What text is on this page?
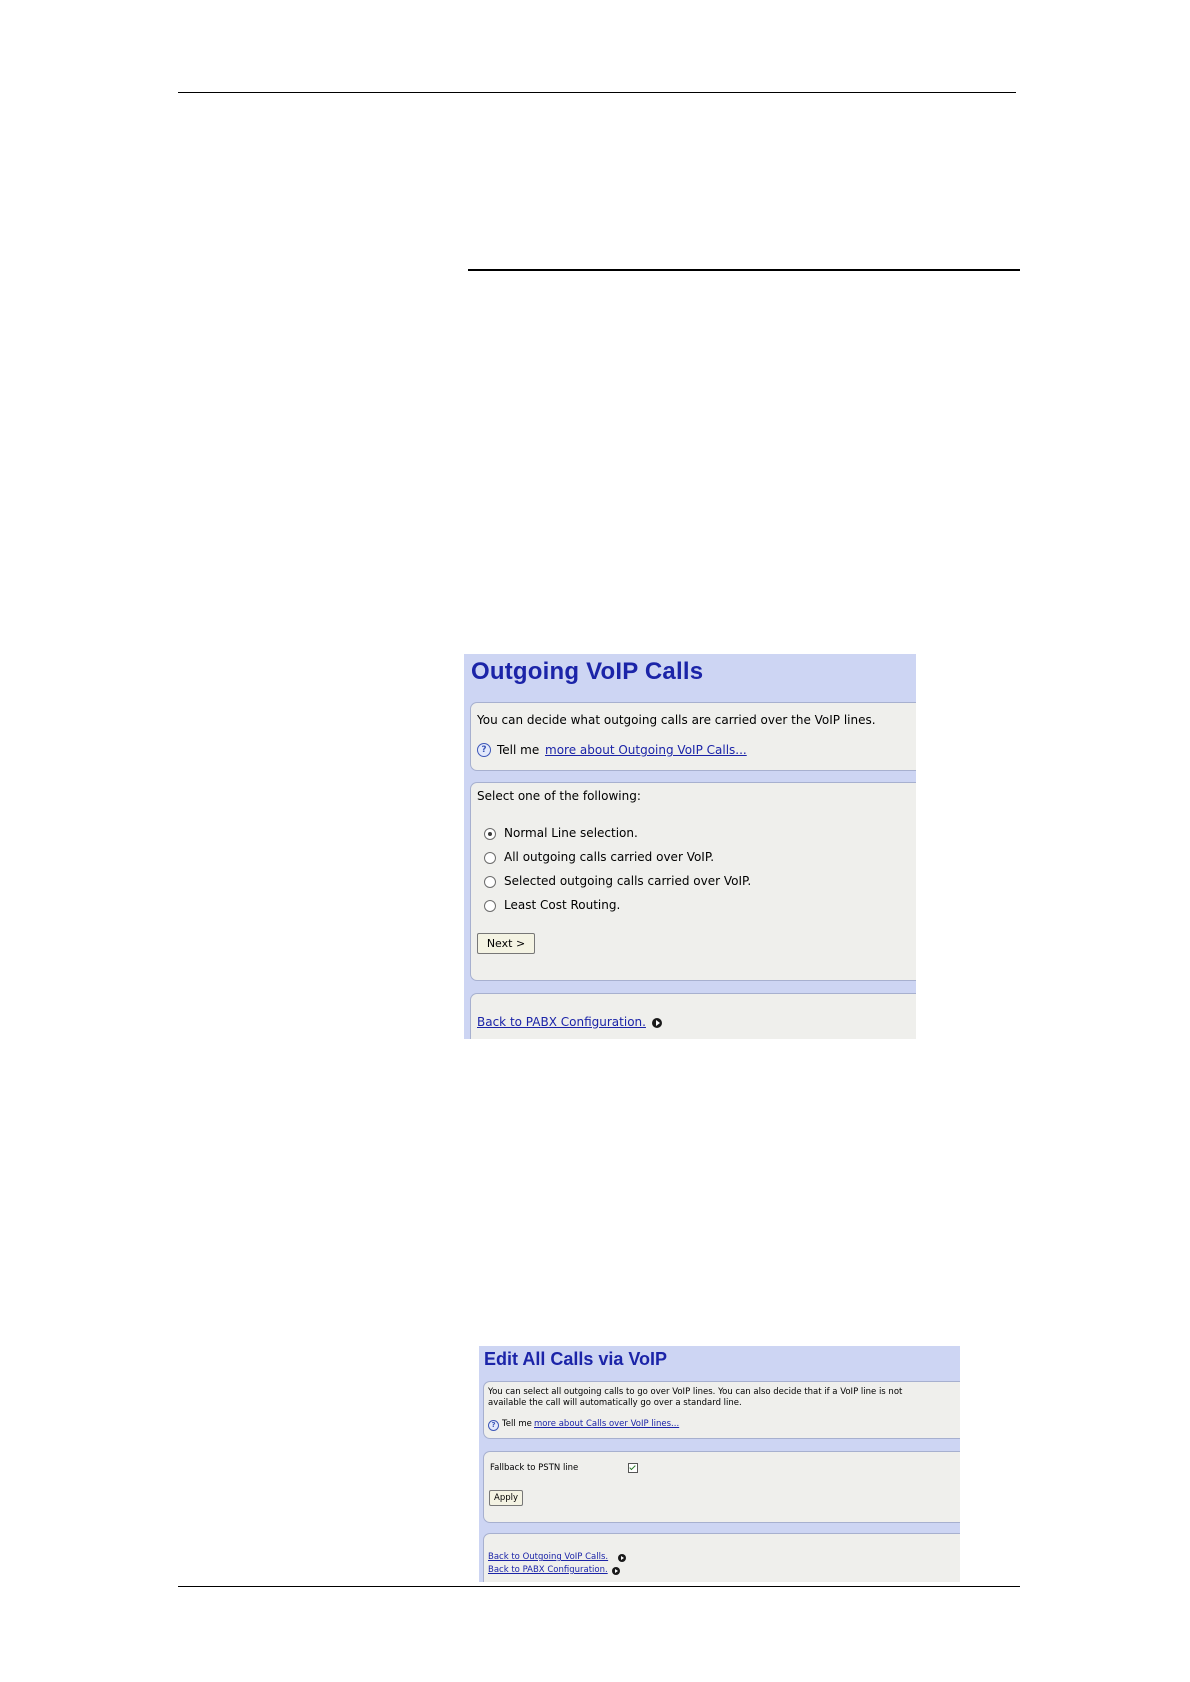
Outgoing VoIP Calls
You can decide what outgoing calls are carried over the VoIP lines.
? Tell me more about Outgoing VoIP Calls...
Select one of the following:
Normal Line selection.
All outgoing calls carried over VoIP.
Selected outgoing calls carried over VoIP.
Least Cost Routing.
Next >
Back to PABX Configuration.
Edit All Calls via VoIP
You can select all outgoing calls to go over VoIP lines. You can also decide that if a VoIP line is not
available the call will automatically go over a standard line.
? Tell me more about Calls over VoIP lines...
Fallback to PSTN line
Apply
Back to Outgoing VoIP Calls.
Back to PABX Configuration.
